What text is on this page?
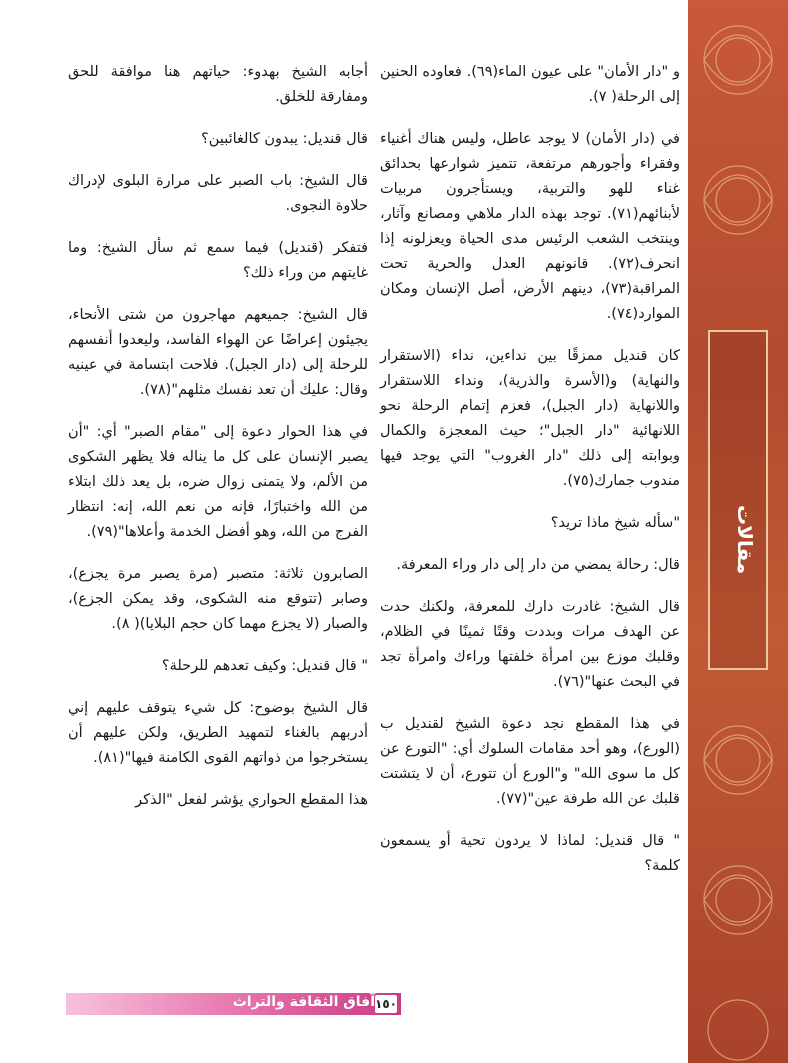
مقالات

و "دار الأمان" على عيون الماء(٦٩). فعاوده الحنين إلى الرحلة( ٧).

في (دار الأمان) لا يوجد عاطل، وليس هناك أغنياء وفقراء وأجورهم مرتفعة، تتميز شوارعها بحدائق غناء للهو والتربية، ويستأجرون مربيات لأبنائهم(٧١). توجد بهذه الدار ملاهي ومصانع وآثار، وينتخب الشعب الرئيس مدى الحياة ويعزلونه إذا انحرف(٧٢). قانونهم العدل والحرية تحت المراقبة(٧٣)، دينهم الأرض، أصل الإنسان ومكان الموارد(٧٤).

كان قنديل ممزقًا بين نداءين، نداء (الاستقرار والنهاية) و(الأسرة والذرية)، ونداء اللاستقرار واللانهاية (دار الجبل)، فعزم إتمام الرحلة نحو اللانهائية "دار الجبل"؛ حيث المعجزة والكمال وبوابته إلى ذلك "دار الغروب" التي يوجد فيها مندوب جمارك(٧٥).

"سأله شيخ ماذا تريد؟

قال: رحالة يمضي من دار إلى دار وراء المعرفة.

قال الشيخ: غادرت دارك للمعرفة، ولكنك حدت عن الهدف مرات وبددت وقتًا ثمينًا في الظلام، وقلبك موزع بين امرأة خلفتها وراءك وامرأة تجد في البحث عنها"(٧٦).

في هذا المقطع نجد دعوة الشيخ لقنديل ب (الورع)، وهو أحد مقامات السلوك أي: "التورع عن كل ما سوى الله" و"الورع أن تتورع، أن لا يتشتت قلبك عن الله طرفة عين"(٧٧).

" قال قنديل: لماذا لا يردون تحية أو يسمعون كلمة؟

أجابه الشيخ بهدوء: حياتهم هنا موافقة للحق ومفارقة للخلق.

قال قنديل: يبدون كالغائبين؟

قال الشيخ: باب الصبر على مرارة البلوى لإدراك حلاوة النجوى.

فتفكر (قنديل) فيما سمع ثم سأل الشيخ: وما غايتهم من وراء ذلك؟

قال الشيخ: جميعهم مهاجرون من شتى الأنحاء، يجيئون إعراضًا عن الهواء الفاسد، وليعدوا أنفسهم للرحلة إلى (دار الجبل). فلاحت ابتسامة في عينيه وقال: عليك أن تعد نفسك مثلهم"(٧٨).

في هذا الحوار دعوة إلى "مقام الصبر" أي: "أن يصبر الإنسان على كل ما يناله فلا يظهر الشكوى من الألم، ولا يتمنى زوال ضره، بل يعد ذلك ابتلاء من الله واختبارًا، فإنه من نعم الله، إنه: انتظار الفرج من الله، وهو أفضل الخدمة وأعلاها"(٧٩).

الصابرون ثلاثة: متصبر (مرة يصبر مرة يجزع)، وصابر (تتوقع منه الشكوى، وقد يمكن الجزع)، والصبار (لا يجزع مهما كان حجم البلايا)( ٨).

" قال قنديل: وكيف تعدهم للرحلة؟

قال الشيخ بوضوح: كل شيء يتوقف عليهم إني أدربهم بالغناء لتمهيد الطريق، ولكن عليهم أن يستخرجوا من ذواتهم القوى الكامنة فيها"(٨١).

هذا المقطع الحواري يؤشر لفعل "الذكر

آفاق الثقافة والتراث ١٥٠
